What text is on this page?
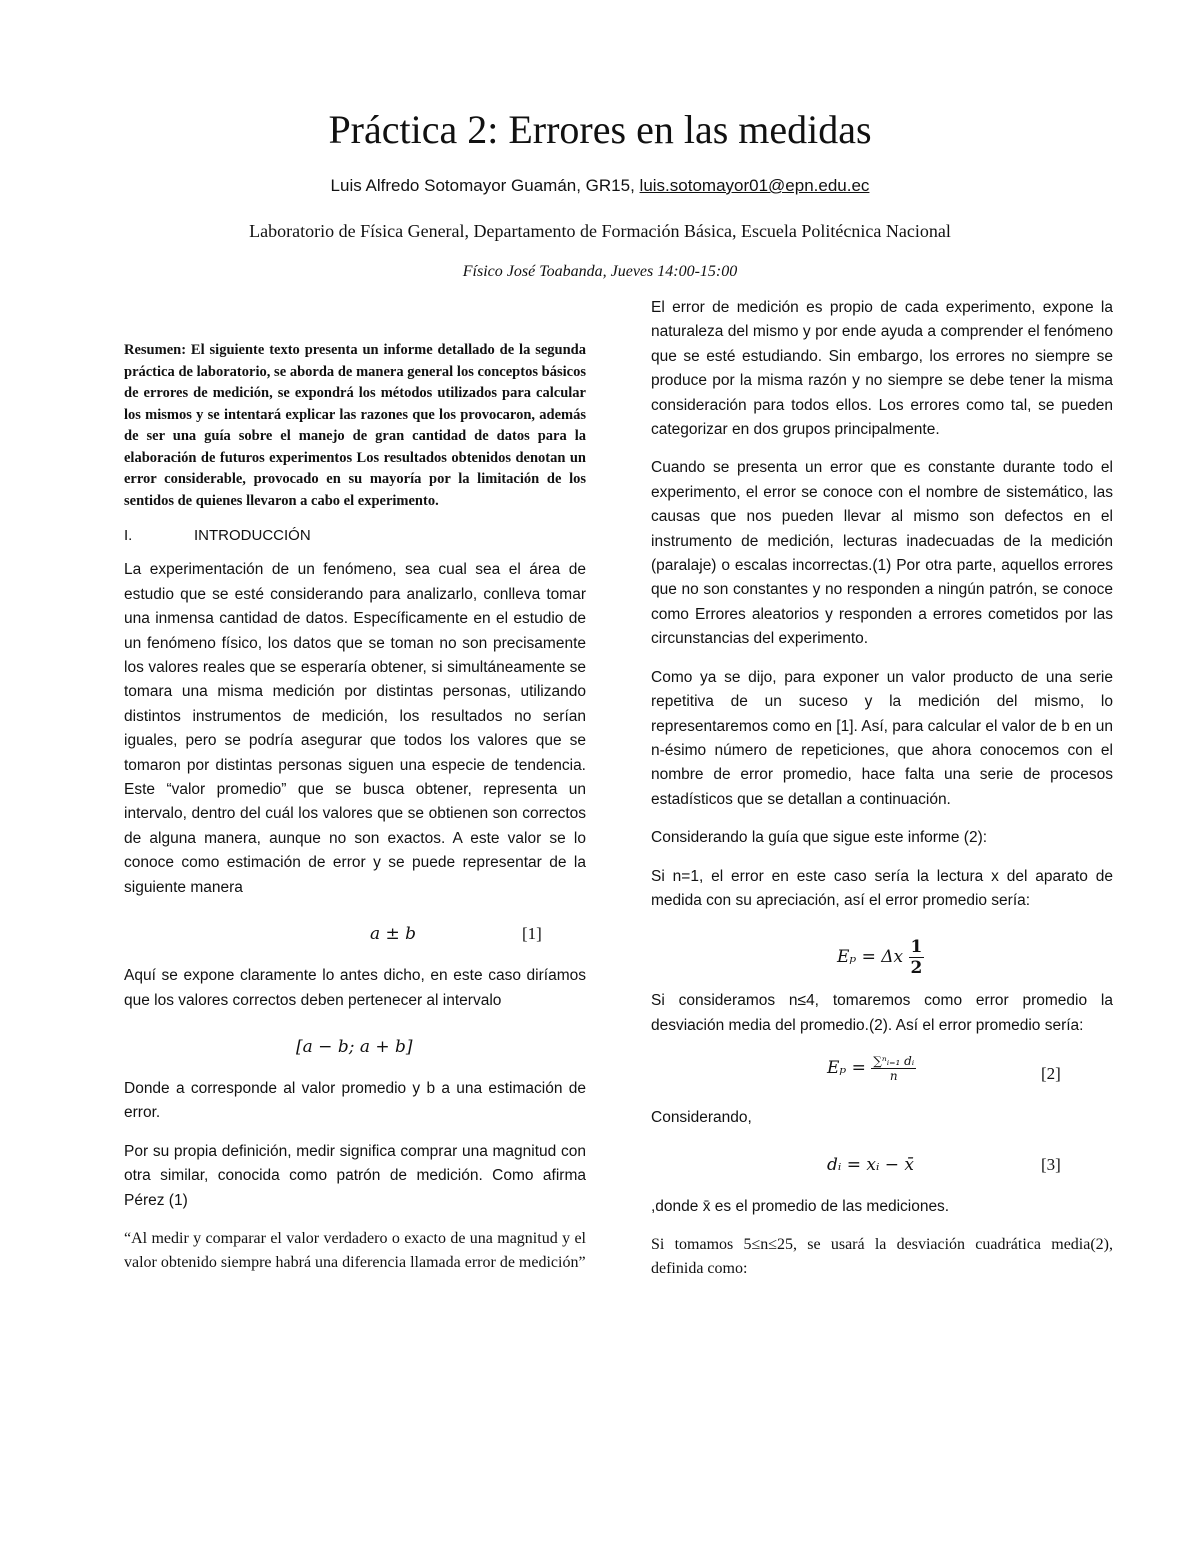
Práctica 2: Errores en las medidas
Luis Alfredo Sotomayor Guamán, GR15, luis.sotomayor01@epn.edu.ec
Laboratorio de Física General, Departamento de Formación Básica, Escuela Politécnica Nacional
Físico José Toabanda, Jueves 14:00-15:00

Resumen: El siguiente texto presenta un informe detallado de la segunda práctica de laboratorio, se aborda de manera general los conceptos básicos de errores de medición, se expondrá los métodos utilizados para calcular los mismos y se intentará explicar las razones que los provocaron, además de ser una guía sobre el manejo de gran cantidad de datos para la elaboración de futuros experimentos Los resultados obtenidos denotan un error considerable, provocado en su mayoría por la limitación de los sentidos de quienes llevaron a cabo el experimento.

I.	INTRODUCCIÓN

La experimentación de un fenómeno, sea cual sea el área de estudio que se esté considerando para analizarlo, conlleva tomar una inmensa cantidad de datos. Específicamente en el estudio de un fenómeno físico, los datos que se toman no son precisamente los valores reales que se esperaría obtener, si simultáneamente se tomara una misma medición por distintas personas, utilizando distintos instrumentos de medición, los resultados no serían iguales, pero se podría asegurar que todos los valores que se tomaron por distintas personas siguen una especie de tendencia. Este “valor promedio” que se busca obtener, representa un intervalo, dentro del cuál los valores que se obtienen son correctos de alguna manera, aunque no son exactos. A este valor se lo conoce como estimación de error y se puede representar de la siguiente manera

a ± b	[1]

Aquí se expone claramente lo antes dicho, en este caso diríamos que los valores correctos deben pertenecer al intervalo

[a − b; a + b]

Donde a corresponde al valor promedio y b a una estimación de error.

Por su propia definición, medir significa comprar una magnitud con otra similar, conocida como patrón de medición. Como afirma Pérez (1)

“Al medir y comparar el valor verdadero o exacto de una magnitud y el valor obtenido siempre habrá una diferencia llamada error de medición”

El error de medición es propio de cada experimento, expone la naturaleza del mismo y por ende ayuda a comprender el fenómeno que se esté estudiando. Sin embargo, los errores no siempre se produce por la misma razón y no siempre se debe tener la misma consideración para todos ellos. Los errores como tal, se pueden categorizar en dos grupos principalmente.

Cuando se presenta un error que es constante durante todo el experimento, el error se conoce con el nombre de sistemático, las causas que nos pueden llevar al mismo son defectos en el instrumento de medición, lecturas inadecuadas de la medición (paralaje) o escalas incorrectas.(1) Por otra parte, aquellos errores que no son constantes y no responden a ningún patrón, se conoce como Errores aleatorios y responden a errores cometidos por las circunstancias del experimento.

Como ya se dijo, para exponer un valor producto de una serie repetitiva de un suceso y la medición del mismo, lo representaremos como en [1]. Así, para calcular el valor de b en un n-ésimo número de repeticiones, que ahora conocemos con el nombre de error promedio, hace falta una serie de procesos estadísticos que se detallan a continuación.

Considerando la guía que sigue este informe (2):

Si n=1, el error en este caso sería la lectura x del aparato de medida con su apreciación, así el error promedio sería:

Eₚ = Δx $\frac{1}{2}$

Si consideramos n≤4, tomaremos como error promedio la desviación media del promedio.(2). Así el error promedio sería:

$E_p = \frac{\text{∑ⁿᵢ₌₁ dᵢ}}{n}$	[2]

Considerando,

dᵢ = xᵢ − x̄	[3]

,donde x̄ es el promedio de las mediciones.

Si tomamos 5≤n≤25, se usará la desviación cuadrática media(2), definida como:
